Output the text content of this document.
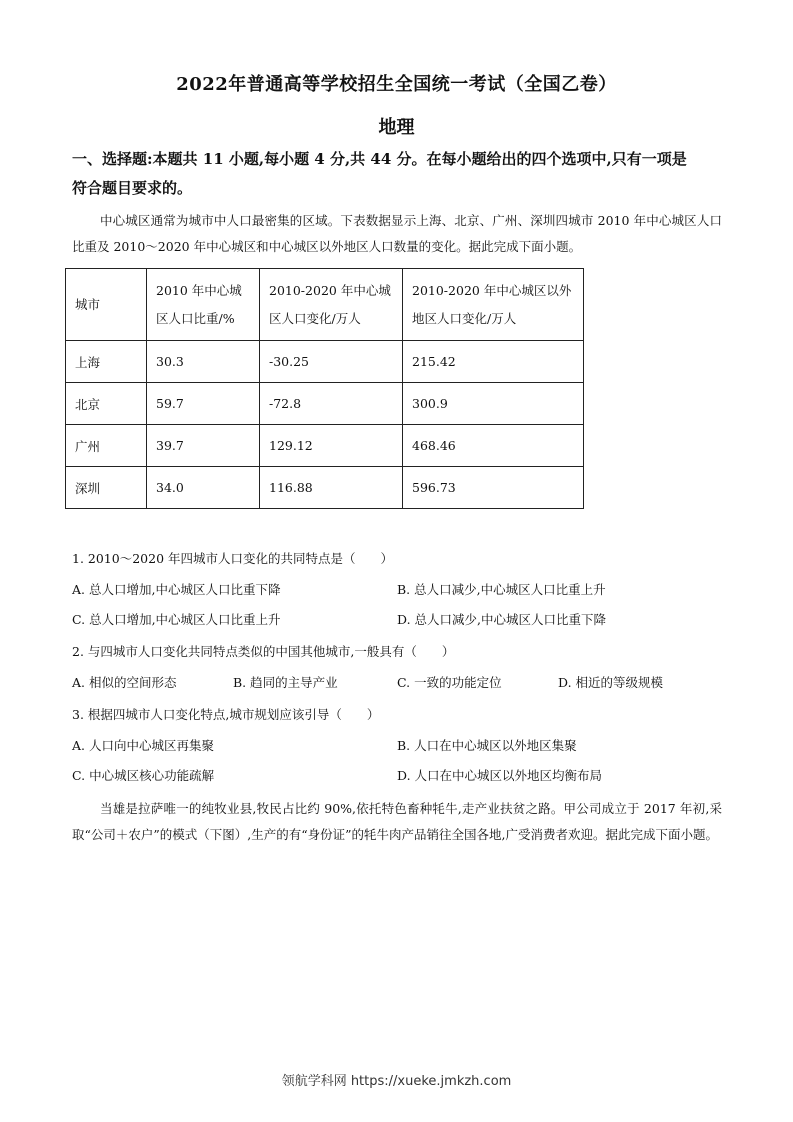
2022年普通高等学校招生全国统一考试（全国乙卷）
地理
一、选择题:本题共 11 小题,每小题 4 分,共 44 分。在每小题给出的四个选项中,只有一项是
符合题目要求的。
中心城区通常为城市中人口最密集的区域。下表数据显示上海、北京、广州、深圳四城市 2010 年中心城区人口比重及 2010～2020 年中心城区和中心城区以外地区人口数量的变化。据此完成下面小题。
城市	2010 年中心城区人口比重/%	2010-2020 年中心城区人口变化/万人	2010-2020 年中心城区以外地区人口变化/万人
上海	30.3	-30.25	215.42
北京	59.7	-72.8	300.9
广州	39.7	129.12	468.46
深圳	34.0	116.88	596.73
1. 2010～2020 年四城市人口变化的共同特点是（　　）
A. 总人口增加,中心城区人口比重下降	B. 总人口减少,中心城区人口比重上升
C. 总人口增加,中心城区人口比重上升	D. 总人口减少,中心城区人口比重下降
2. 与四城市人口变化共同特点类似的中国其他城市,一般具有（　　）
A. 相似的空间形态	B. 趋同的主导产业	C. 一致的功能定位	D. 相近的等级规模
3. 根据四城市人口变化特点,城市规划应该引导（　　）
A. 人口向中心城区再集聚	B. 人口在中心城区以外地区集聚
C. 中心城区核心功能疏解	D. 人口在中心城区以外地区均衡布局
当雄是拉萨唯一的纯牧业县,牧民占比约 90%,依托特色畜种牦牛,走产业扶贫之路。甲公司成立于 2017 年初,采取“公司＋农户”的模式（下图）,生产的有“身份证”的牦牛肉产品销往全国各地,广受消费者欢迎。据此完成下面小题。
领航学科网 https://xueke.jmkzh.com
